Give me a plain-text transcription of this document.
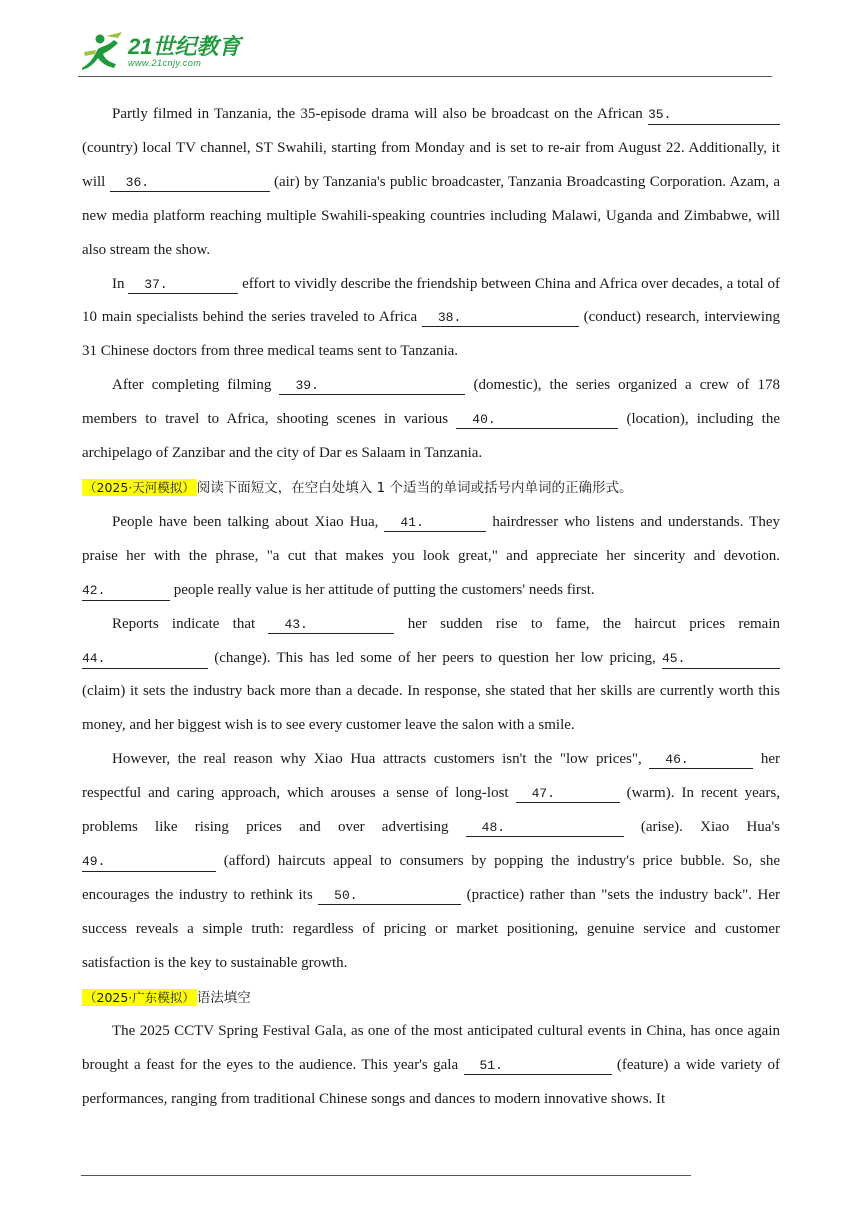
21世纪教育
www.21cnjy.com

Partly filmed in Tanzania, the 35-episode drama will also be broadcast on the African 35. (country) local TV channel, ST Swahili, starting from Monday and is set to re-air from August 22. Additionally, it will 36.	(air) by Tanzania's public broadcaster, Tanzania Broadcasting Corporation. Azam, a new media platform reaching multiple Swahili-speaking countries including Malawi, Uganda and Zimbabwe, will also stream the show.

In 37.	effort to vividly describe the friendship between China and Africa over decades, a total of 10 main specialists behind the series traveled to Africa 38.	(conduct) research, interviewing 31 Chinese doctors from three medical teams sent to Tanzania.

After completing filming 39.	(domestic), the series organized a crew of 178 members to travel to Africa, shooting scenes in various 40.	(location), including the archipelago of Zanzibar and the city of Dar es Salaam in Tanzania.

（2025·天河模拟） 阅读下面短文，在空白处填入 1 个适当的单词或括号内单词的正确形式。

People have been talking about Xiao Hua, 41.	hairdresser who listens and understands. They praise her with the phrase, "a cut that makes you look great," and appreciate her sincerity and devotion. 42.	people really value is her attitude of putting the customers' needs first.

Reports indicate that 43.	her sudden rise to fame, the haircut prices remain 44.	(change). This has led some of her peers to question her low pricing, 45. (claim) it sets the industry back more than a decade. In response, she stated that her skills are currently worth this money, and her biggest wish is to see every customer leave the salon with a smile.

However, the real reason why Xiao Hua attracts customers isn't the "low prices", 46.	her respectful and caring approach, which arouses a sense of long-lost 47.	(warm). In recent years, problems like rising prices and over advertising 48.	(arise). Xiao Hua's 49.	(afford) haircuts appeal to consumers by popping the industry's price bubble. So, she encourages the industry to rethink its 50.	(practice) rather than "sets the industry back". Her success reveals a simple truth: regardless of pricing or market positioning, genuine service and customer satisfaction is the key to sustainable growth.

（2025·广东模拟） 语法填空

The 2025 CCTV Spring Festival Gala, as one of the most anticipated cultural events in China, has once again brought a feast for the eyes to the audience. This year's gala 51.	(feature) a wide variety of performances, ranging from traditional Chinese songs and dances to modern innovative shows. It
